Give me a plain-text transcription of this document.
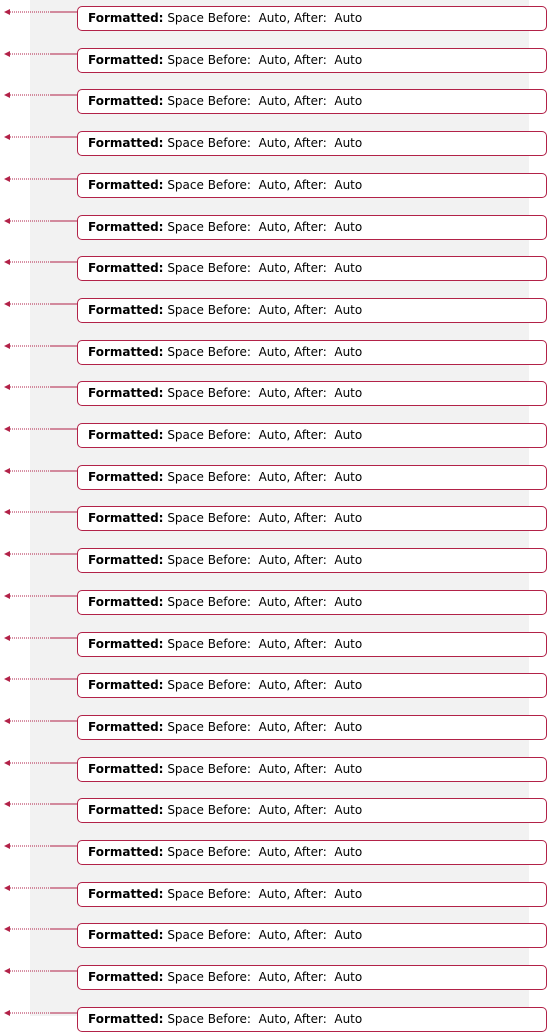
Formatted: Space Before:  Auto, After:  Auto
Formatted: Space Before:  Auto, After:  Auto
Formatted: Space Before:  Auto, After:  Auto
Formatted: Space Before:  Auto, After:  Auto
Formatted: Space Before:  Auto, After:  Auto
Formatted: Space Before:  Auto, After:  Auto
Formatted: Space Before:  Auto, After:  Auto
Formatted: Space Before:  Auto, After:  Auto
Formatted: Space Before:  Auto, After:  Auto
Formatted: Space Before:  Auto, After:  Auto
Formatted: Space Before:  Auto, After:  Auto
Formatted: Space Before:  Auto, After:  Auto
Formatted: Space Before:  Auto, After:  Auto
Formatted: Space Before:  Auto, After:  Auto
Formatted: Space Before:  Auto, After:  Auto
Formatted: Space Before:  Auto, After:  Auto
Formatted: Space Before:  Auto, After:  Auto
Formatted: Space Before:  Auto, After:  Auto
Formatted: Space Before:  Auto, After:  Auto
Formatted: Space Before:  Auto, After:  Auto
Formatted: Space Before:  Auto, After:  Auto
Formatted: Space Before:  Auto, After:  Auto
Formatted: Space Before:  Auto, After:  Auto
Formatted: Space Before:  Auto, After:  Auto
Formatted: Space Before:  Auto, After:  Auto
